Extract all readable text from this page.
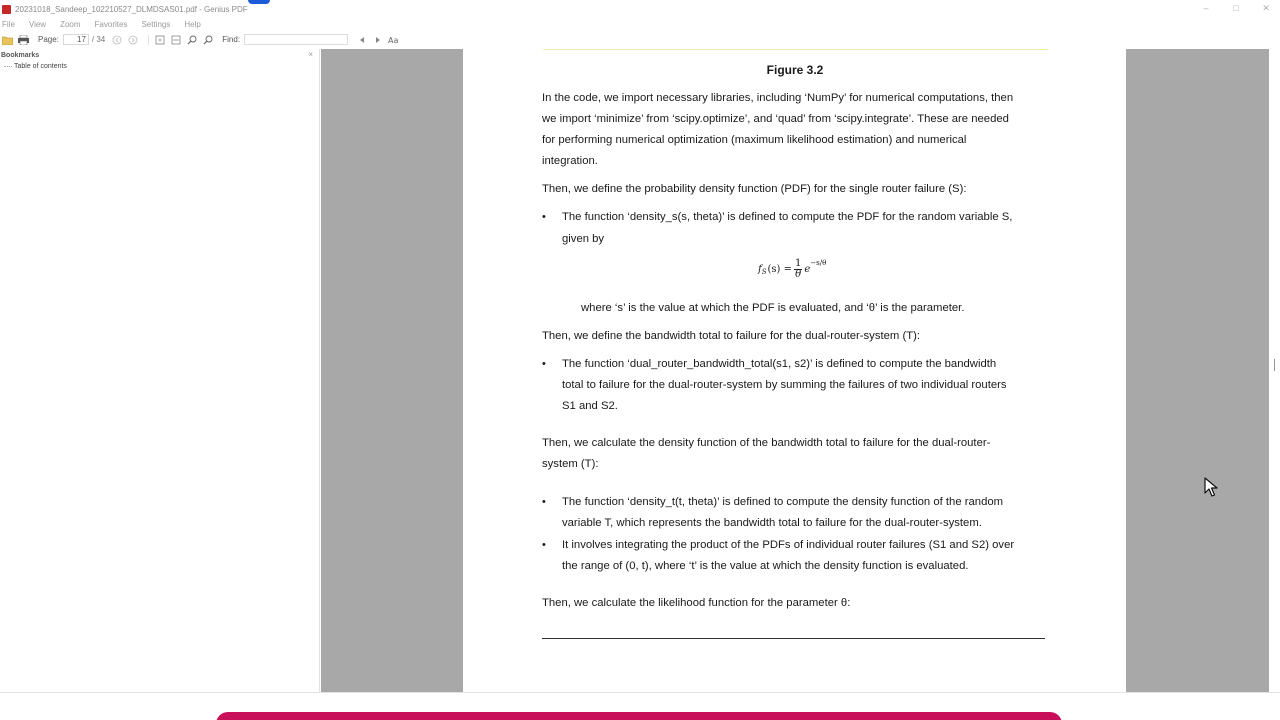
20231018_Sandeep_102210527_DLMDSAS01.pdf - Genius PDF	–	□	✕
File View Zoom Favorites Settings Help
Page:	17 / 34	Find:	Aa
Bookmarks	×
Table of contents	Figure 3.2
In the code, we import necessary libraries, including ‘NumPy’ for numerical computations, then
we import ‘minimize’ from ‘scipy.optimize’, and ‘quad’ from ‘scipy.integrate’. These are needed
for performing numerical optimization (maximum likelihood estimation) and numerical
integration.
Then, we define the probability density function (PDF) for the single router failure (S):
• The function ‘density_s(s, theta)’ is defined to compute the PDF for the random variable S,
given by
f S $(s) = \frac{1}{\theta}$ e
−s/θ
where ‘s’ is the value at which the PDF is evaluated, and ‘θ’ is the parameter.
Then, we define the bandwidth total to failure for the dual-router-system (T):
• The function ‘dual_router_bandwidth_total(s1, s2)’ is defined to compute the bandwidth
total to failure for the dual-router-system by summing the failures of two individual routers
S1 and S2.
Then, we calculate the density function of the bandwidth total to failure for the dual-router-
system (T):
• The function ‘density_t(t, theta)’ is defined to compute the density function of the random
variable T, which represents the bandwidth total to failure for the dual-router-system.
• It involves integrating the product of the PDFs of individual router failures (S1 and S2) over
the range of (0, t), where ‘t’ is the value at which the density function is evaluated.
Then, we calculate the likelihood function for the parameter θ:
